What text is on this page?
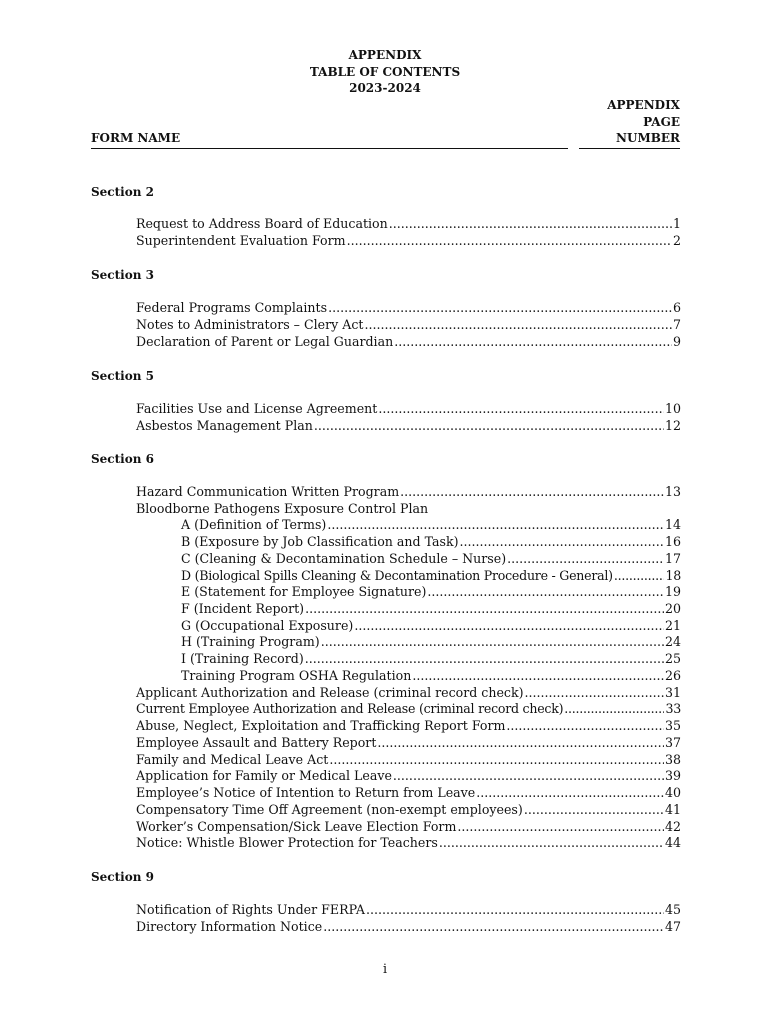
APPENDIX
TABLE OF CONTENTS
2023-2024
APPENDIX
PAGE
NUMBER
FORM NAME
Section 2
Request to Address Board of Education .....	1
Superintendent Evaluation Form .....	2
Section 3
Federal Programs Complaints .....	6
Notes to Administrators – Clery Act .....	7
Declaration of Parent or Legal Guardian .....	9
Section 5
Facilities Use and License Agreement .....	10
Asbestos Management Plan .....	12
Section 6
Hazard Communication Written Program .....	13
Bloodborne Pathogens Exposure Control Plan
A (Definition of Terms) .....	14
B (Exposure by Job Classification and Task) .....	16
C (Cleaning & Decontamination Schedule – Nurse) .....	17
D (Biological Spills Cleaning & Decontamination Procedure - General) .....	18
E (Statement for Employee Signature) .....	19
F (Incident Report) .....	20
G (Occupational Exposure) .....	21
H (Training Program) .....	24
I (Training Record) .....	25
Training Program OSHA Regulation .....	26
Applicant Authorization and Release (criminal record check) .....	31
Current Employee Authorization and Release (criminal record check) .....	33
Abuse, Neglect, Exploitation and Trafficking Report Form .....	35
Employee Assault and Battery Report .....	37
Family and Medical Leave Act .....	38
Application for Family or Medical Leave .....	39
Employee’s Notice of Intention to Return from Leave .....	40
Compensatory Time Off Agreement (non-exempt employees) .....	41
Worker’s Compensation/Sick Leave Election Form .....	42
Notice: Whistle Blower Protection for Teachers .....	44
Section 9
Notification of Rights Under FERPA .....	45
Directory Information Notice .....	47
i
